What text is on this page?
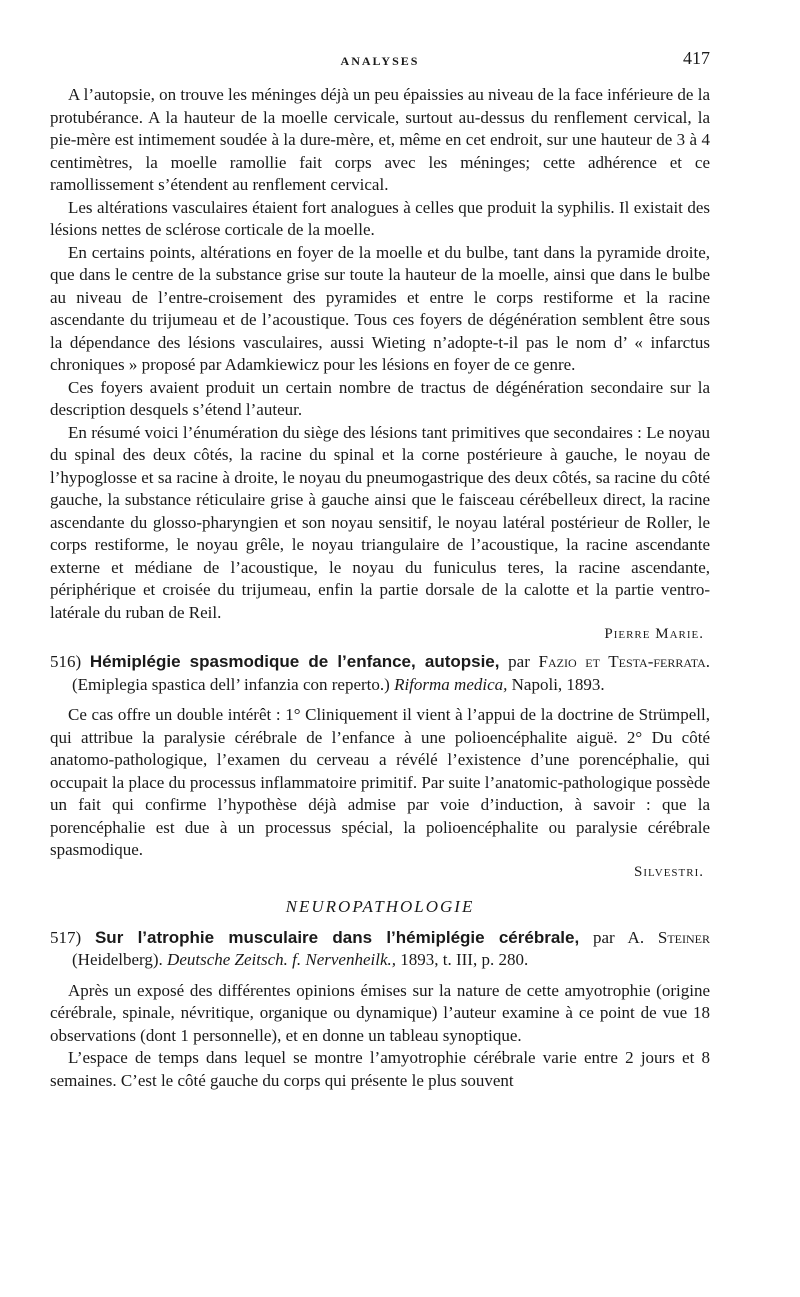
ANALYSES	417

A l’autopsie, on trouve les méninges déjà un peu épaissies au niveau de la face inférieure de la protubérance. A la hauteur de la moelle cervicale, surtout au-dessus du renflement cervical, la pie-mère est intimement soudée à la dure-mère, et, même en cet endroit, sur une hauteur de 3 à 4 centimètres, la moelle ramollie fait corps avec les méninges; cette adhérence et ce ramollissement s’étendent au renflement cervical.

Les altérations vasculaires étaient fort analogues à celles que produit la syphilis. Il existait des lésions nettes de sclérose corticale de la moelle.

En certains points, altérations en foyer de la moelle et du bulbe, tant dans la pyramide droite, que dans le centre de la substance grise sur toute la hauteur de la moelle, ainsi que dans le bulbe au niveau de l’entre-croisement des pyramides et entre le corps restiforme et la racine ascendante du trijumeau et de l’acoustique. Tous ces foyers de dégénération semblent être sous la dépendance des lésions vasculaires, aussi Wieting n’adopte-t-il pas le nom d’ « infarctus chroniques » proposé par Adamkiewicz pour les lésions en foyer de ce genre.

Ces foyers avaient produit un certain nombre de tractus de dégénération secondaire sur la description desquels s’étend l’auteur.

En résumé voici l’énumération du siège des lésions tant primitives que secondaires : Le noyau du spinal des deux côtés, la racine du spinal et la corne postérieure à gauche, le noyau de l’hypoglosse et sa racine à droite, le noyau du pneumogastrique des deux côtés, sa racine du côté gauche, la substance réticulaire grise à gauche ainsi que le faisceau cérébelleux direct, la racine ascendante du glosso-pharyngien et son noyau sensitif, le noyau latéral postérieur de Roller, le corps restiforme, le noyau grêle, le noyau triangulaire de l’acoustique, la racine ascendante externe et médiane de l’acoustique, le noyau du funiculus teres, la racine ascendante, périphérique et croisée du trijumeau, enfin la partie dorsale de la calotte et la partie ventro-latérale du ruban de Reil.

Pierre Marie.
516) Hémiplégie spasmodique de l’enfance, autopsie, par Fazio et Testa-ferrata. (Emiplegia spastica dell’ infanzia con reperto.) Riforma medica, Napoli, 1893.

Ce cas offre un double intérêt : 1° Cliniquement il vient à l’appui de la doctrine de Strümpell, qui attribue la paralysie cérébrale de l’enfance à une polioencéphalite aiguë. 2° Du côté anatomo-pathologique, l’examen du cerveau a révélé l’existence d’une porencéphalie, qui occupait la place du processus inflammatoire primitif. Par suite l’anatomic-pathologique possède un fait qui confirme l’hypothèse déjà admise par voie d’induction, à savoir : que la porencéphalie est due à un processus spécial, la polioencéphalite ou paralysie cérébrale spasmodique.

Silvestri.
NEUROPATHOLOGIE
517) Sur l’atrophie musculaire dans l’hémiplégie cérébrale, par A. Steiner (Heidelberg). Deutsche Zeitsch. f. Nervenheilk., 1893, t. III, p. 280.

Après un exposé des différentes opinions émises sur la nature de cette amyotrophie (origine cérébrale, spinale, névritique, organique ou dynamique) l’auteur examine à ce point de vue 18 observations (dont 1 personnelle), et en donne un tableau synoptique.

L’espace de temps dans lequel se montre l’amyotrophie cérébrale varie entre 2 jours et 8 semaines. C’est le côté gauche du corps qui présente le plus souvent
